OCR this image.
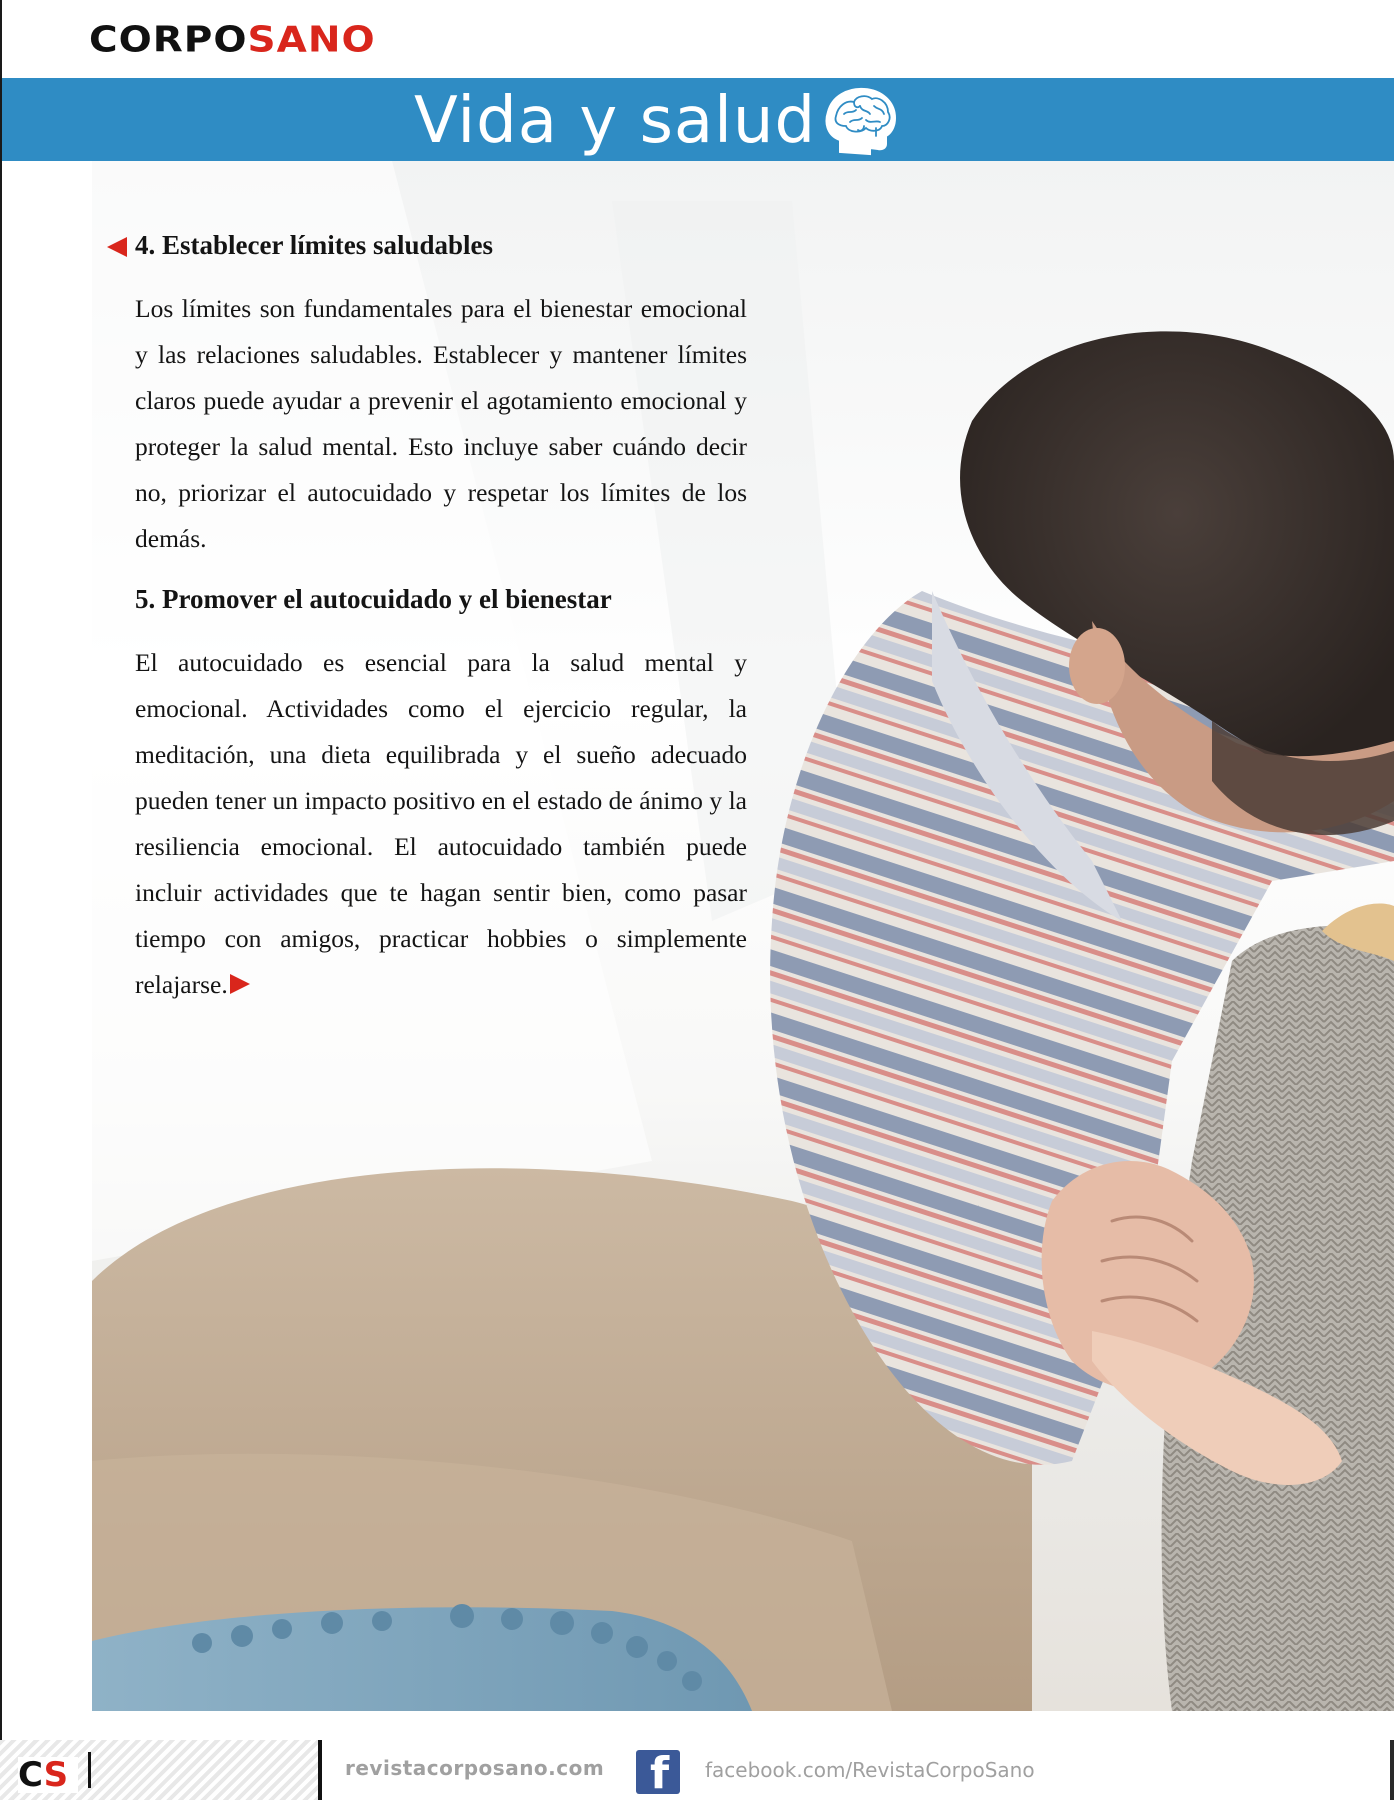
CORPOSANO
Vida y salud
4. Establecer límites saludables

Los límites son fundamentales para el bienestar emocional y las relaciones saludables. Establecer y mantener límites claros puede ayudar a prevenir el agotamiento emocional y proteger la salud mental. Esto incluye saber cuándo decir no, priorizar el autocuidado y respetar los límites de los demás.

5. Promover el autocuidado y el bienestar

El autocuidado es esencial para la salud mental y emocional. Actividades como el ejercicio regular, la meditación, una dieta equilibrada y el sueño adecuado pueden tener un impacto positivo en el estado de ánimo y la resiliencia emocional. El autocuidado también puede incluir actividades que te hagan sentir bien, como pasar tiempo con amigos, practicar hobbies o simplemente relajarse.

CS	revistacorposano.com f facebook.com/RevistaCorpoSano
